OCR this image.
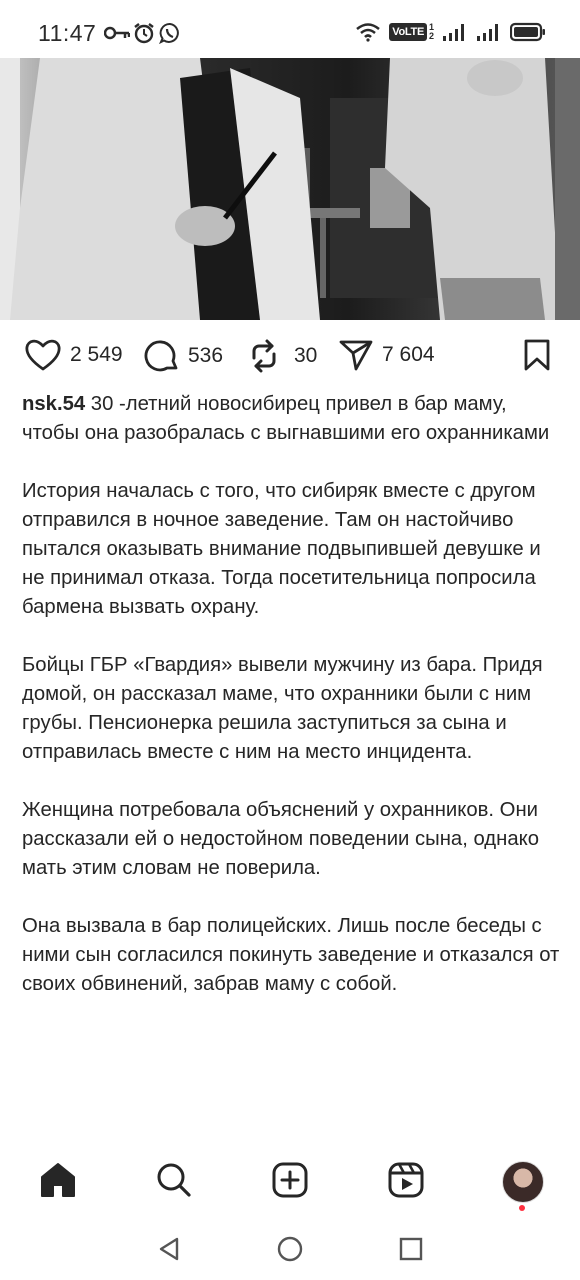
11:47	VoLTE 1
2
2 549	536	30	7 604

nsk.54 30 -летний новосибирец привел в бар маму, чтобы она разобралась с выгнавшими его охранниками

История началась с того, что сибиряк вместе с другом отправился в ночное заведение. Там он настойчиво пытался оказывать внимание подвыпившей девушке и не принимал отказа. Тогда посетительница попросила бармена вызвать охрану.

Бойцы ГБР «Гвардия» вывели мужчину из бара. Придя домой, он рассказал маме, что охранники были с ним грубы. Пенсионерка решила заступиться за сына и отправилась вместе с ним на место инцидента.

Женщина потребовала объяснений у охранников. Они рассказали ей о недостойном поведении сына, однако мать этим словам не поверила.

Она вызвала в бар полицейских. Лишь после беседы с ними сын согласился покинуть заведение и отказался от своих обвинений, забрав маму с собой.
